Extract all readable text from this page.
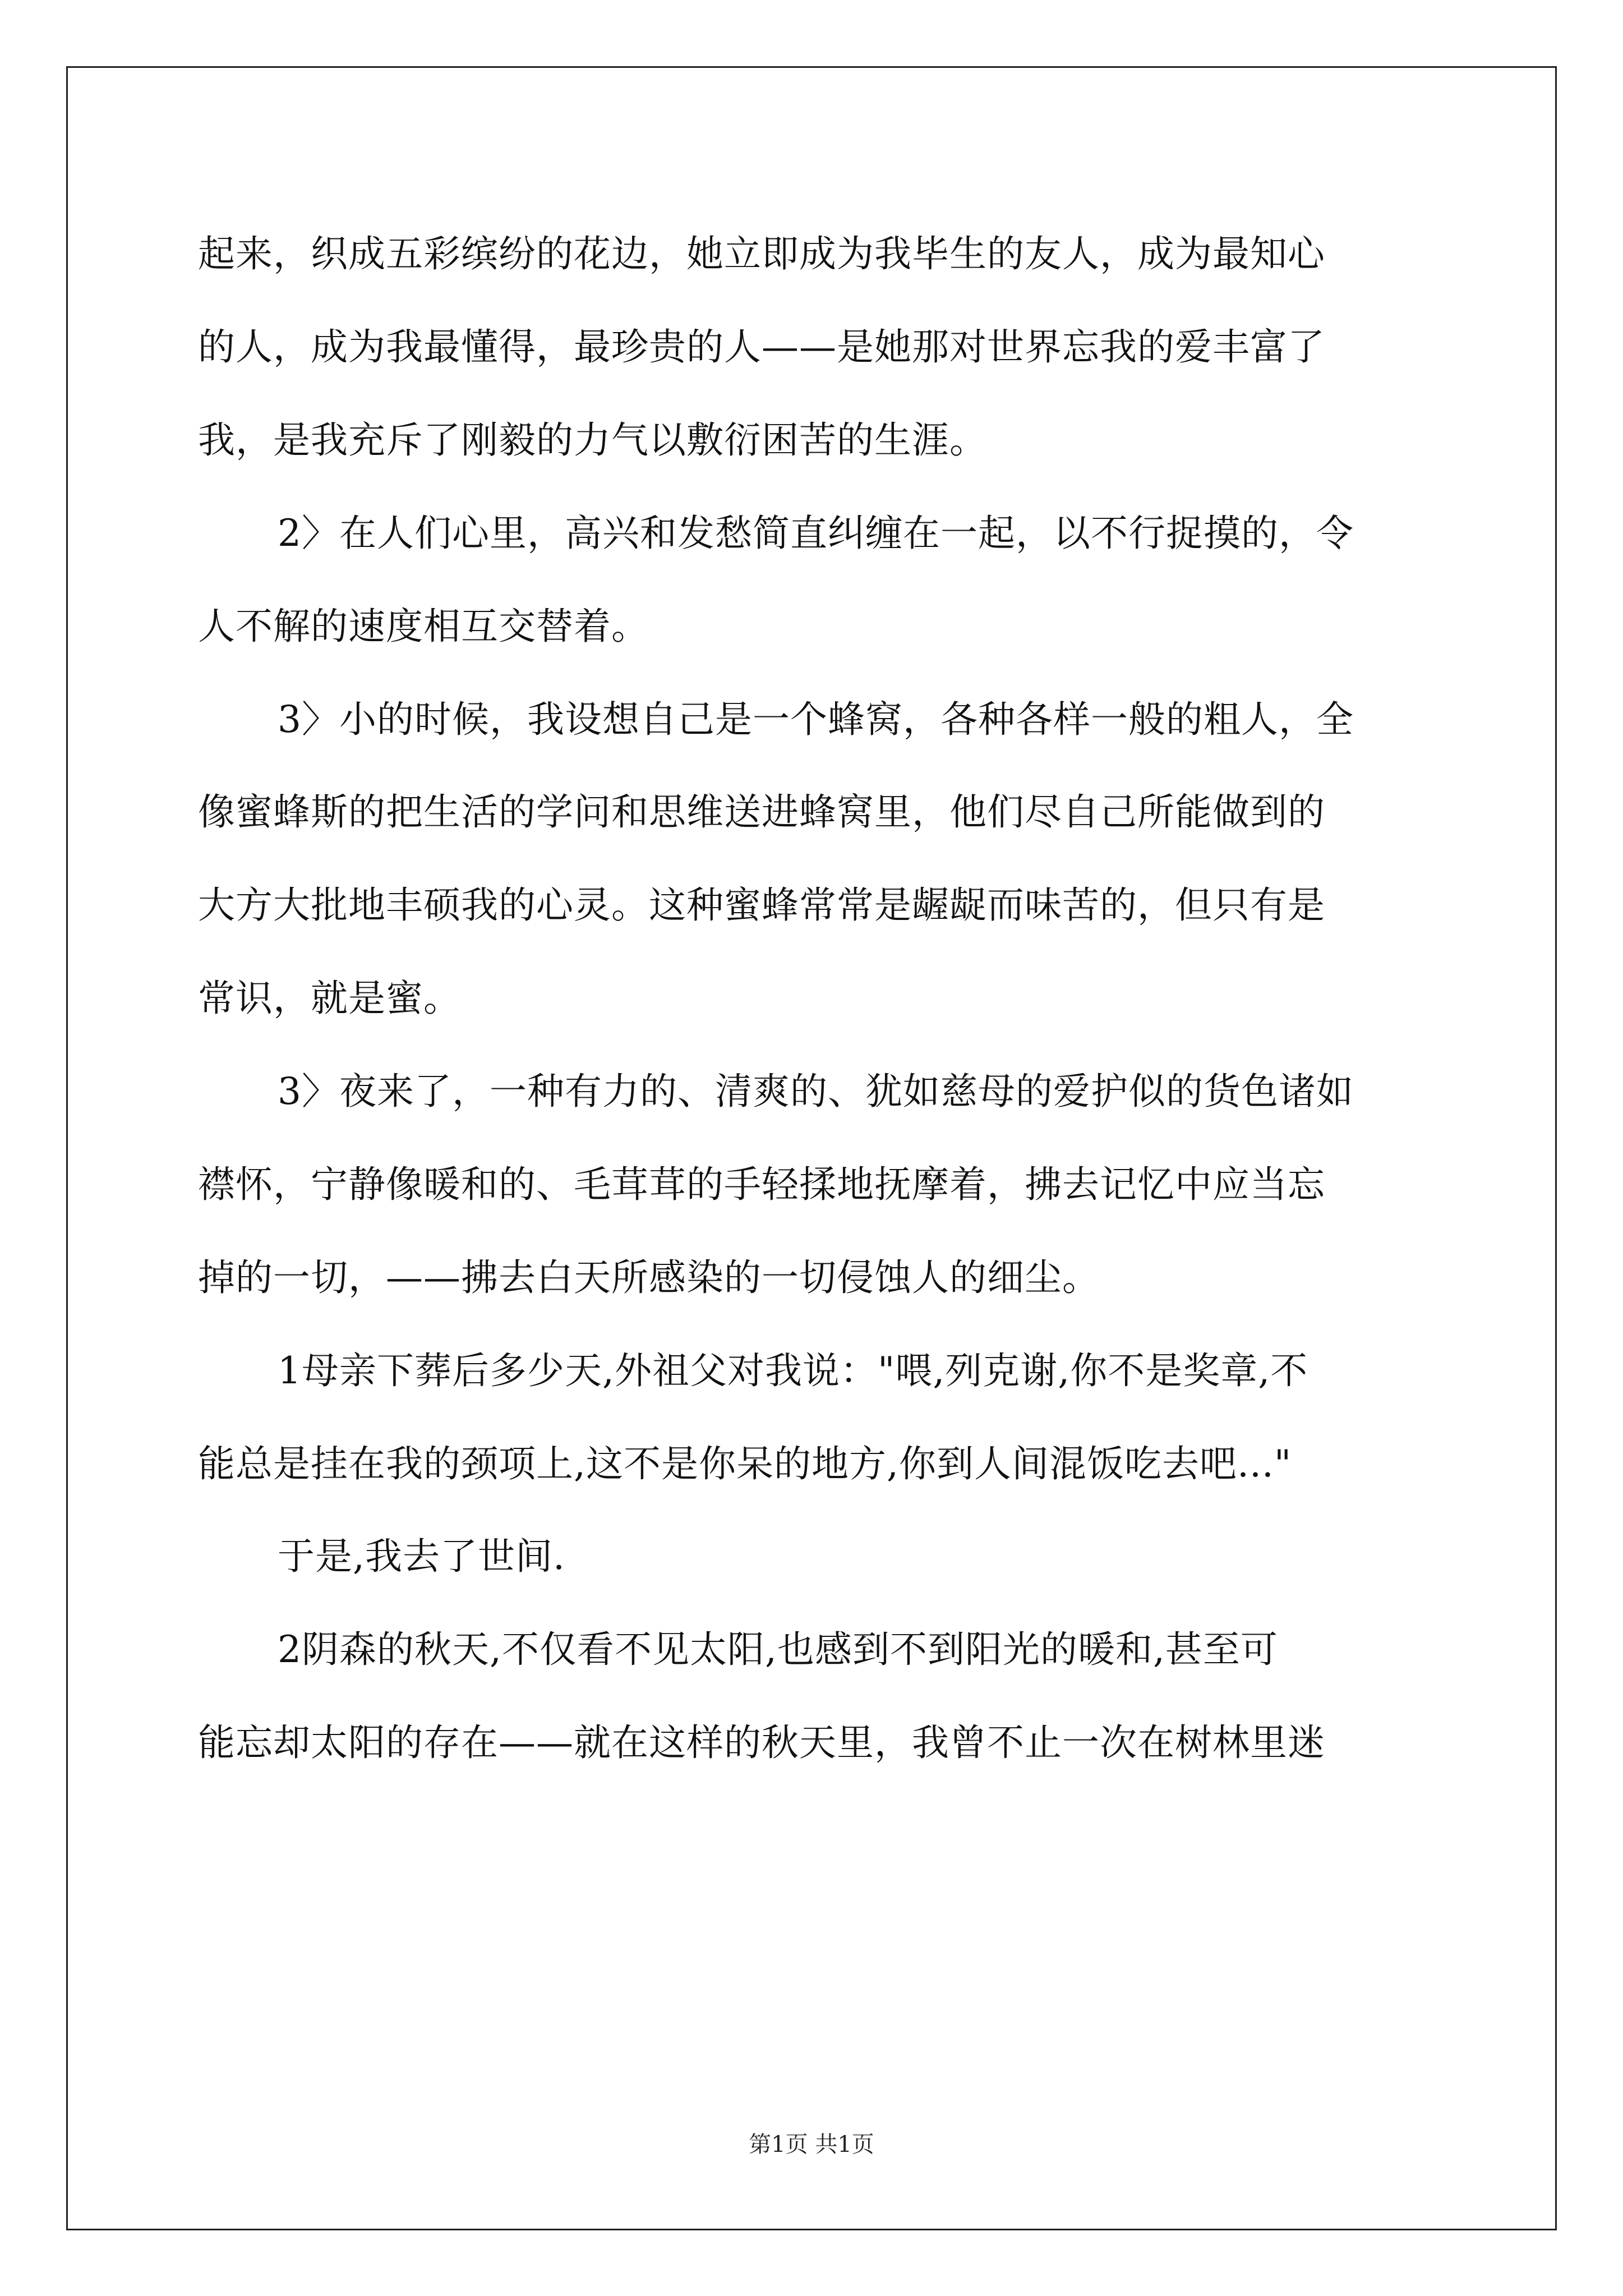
起来，织成五彩缤纷的花边，她立即成为我毕生的友人，成为最知心
的人，成为我最懂得，最珍贵的人——是她那对世界忘我的爱丰富了
我，是我充斥了刚毅的力气以敷衍困苦的生涯。
2〉在人们心里，高兴和发愁简直纠缠在一起，以不行捉摸的，令
人不解的速度相互交替着。
3〉小的时候，我设想自己是一个蜂窝，各种各样一般的粗人，全
像蜜蜂斯的把生活的学问和思维送进蜂窝里，他们尽自己所能做到的
大方大批地丰硕我的心灵。这种蜜蜂常常是龌龊而味苦的，但只有是
常识，就是蜜。
3〉夜来了，一种有力的、清爽的、犹如慈母的爱护似的货色诸如
襟怀，宁静像暖和的、毛茸茸的手轻揉地抚摩着，拂去记忆中应当忘
掉的一切，——拂去白天所感染的一切侵蚀人的细尘。
1母亲下葬后多少天,外祖父对我说："喂,列克谢,你不是奖章,不
能总是挂在我的颈项上,这不是你呆的地方,你到人间混饭吃去吧..."
于是,我去了世间.
2阴森的秋天,不仅看不见太阳,也感到不到阳光的暖和,甚至可
能忘却太阳的存在——就在这样的秋天里，我曾不止一次在树林里迷
第1页 共1页
